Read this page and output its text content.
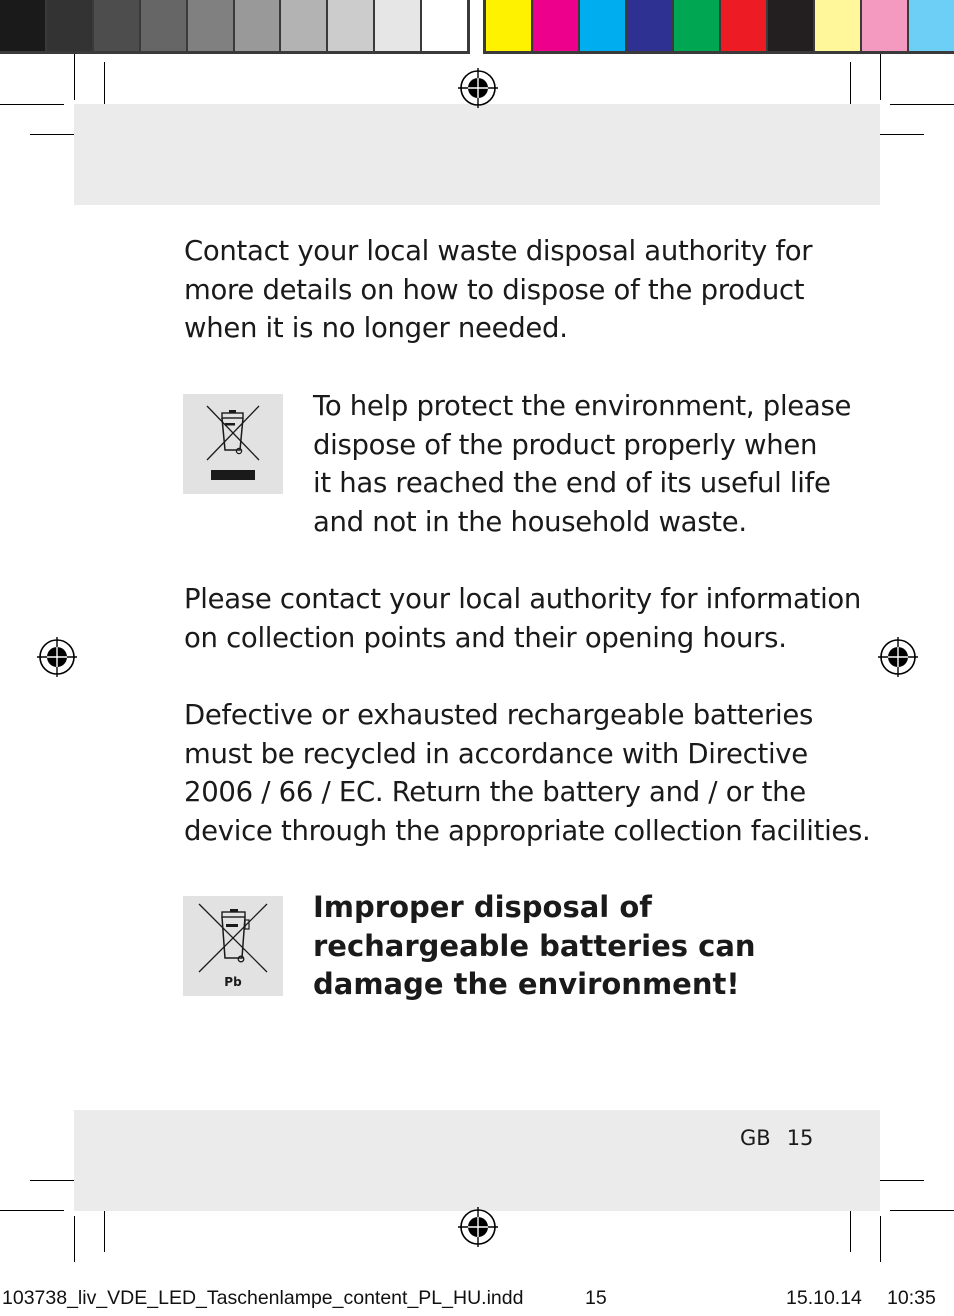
Contact your local waste disposal authority for
more details on how to dispose of the product
when it is no longer needed.
To help protect the environment, please
dispose of the product properly when
it has reached the end of its useful life
and not in the household waste.
Please contact your local authority for information
on collection points and their opening hours.
Defective or exhausted rechargeable batteries
must be recycled in accordance with Directive
2006 / 66 / EC. Return the battery and / or the
device through the appropriate collection facilities.
Pb
Improper disposal of
rechargeable batteries can
damage the environment!
GB 15
103738_liv_VDE_LED_Taschenlampe_content_PL_HU.indd	15	15.10.14 10:35
